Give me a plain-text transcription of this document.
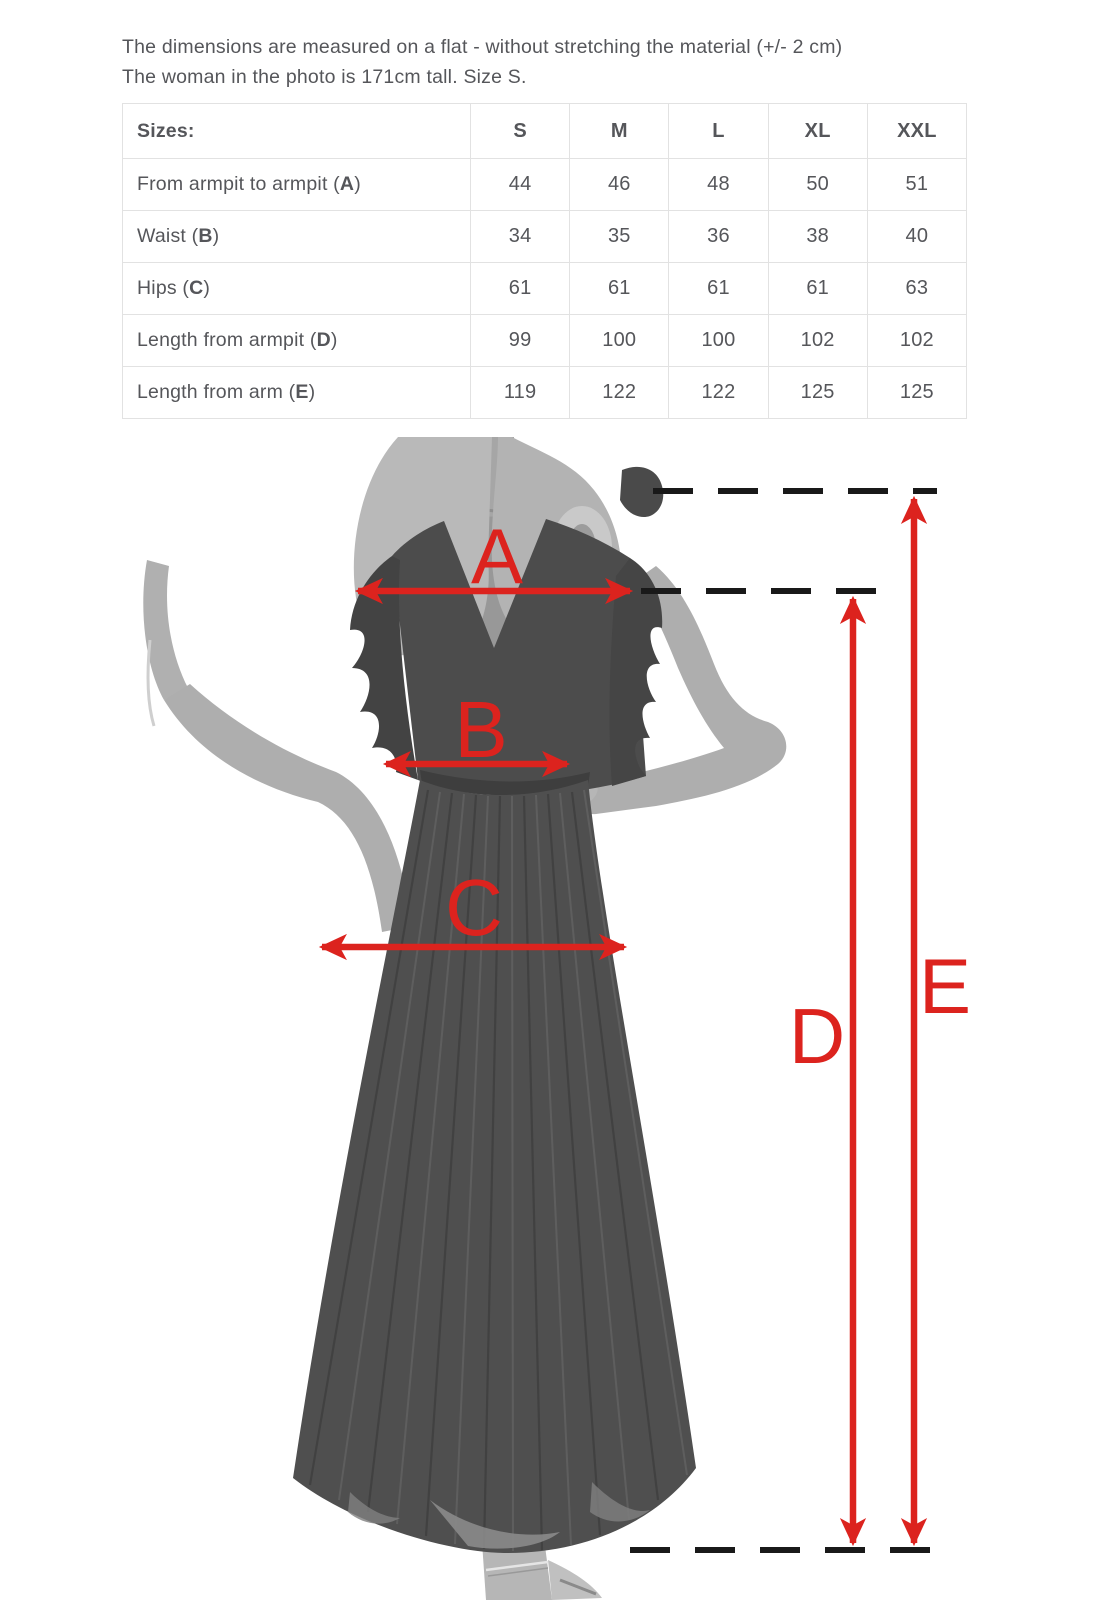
The dimensions are measured on a flat - without stretching the material (+/- 2 cm)
The woman in the photo is 171cm tall. Size S.
Sizes:	S	M	L	XL	XXL
From armpit to armpit (A)	44	46	48	50	51
Waist (B)	34	35	36	38	40
Hips (C)	61	61	61	61	63
Length from armpit (D)	99	100	100	102	102
Length from arm (E)	119	122	122	125	125
A
B
C
D
E
